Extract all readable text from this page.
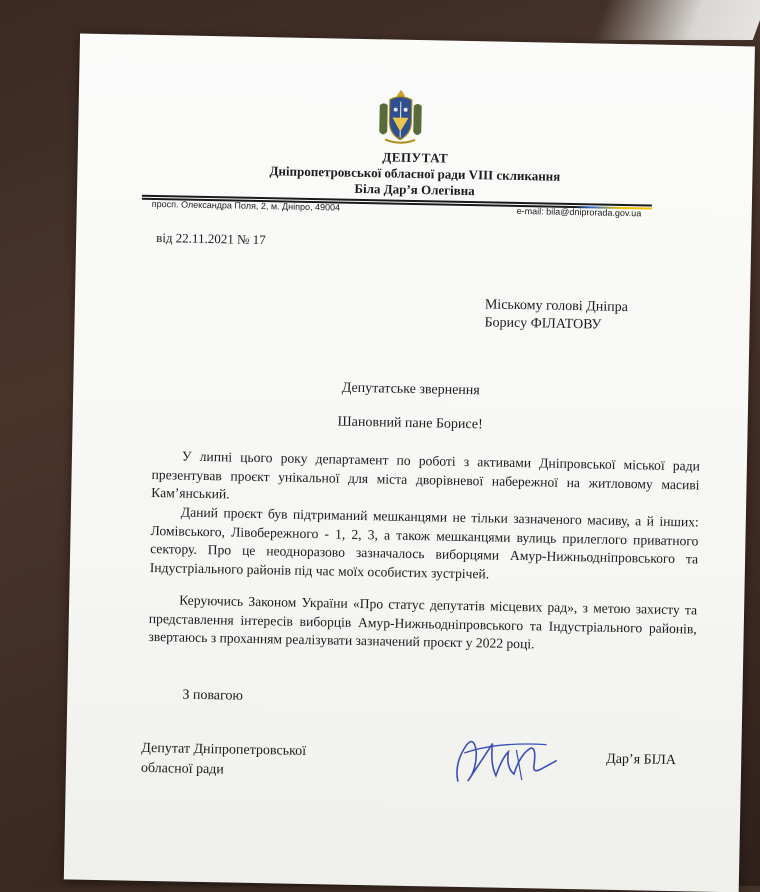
ДЕПУТАТ
Дніпропетровської обласної ради VIII скликання
Біла Дар’я Олегівна
просп. Олександра Поля, 2, м. Дніпро, 49004	e-mail: bila@dniprorada.gov.ua
від 22.11.2021 № 17
Міському голові Дніпра
Борису ФІЛАТОВУ
Депутатське звернення
Шановний пане Борисе!
У липні цього року департамент по роботі з активами Дніпровської міської ради презентував проєкт унікальної для міста дворівневої набережної на житловому масиві Кам’янський.
Даний проєкт був підтриманий мешканцями не тільки зазначеного масиву, а й інших: Ломівського, Лівобережного - 1, 2, 3, а також мешканцями вулиць прилеглого приватного сектору. Про це неодноразово зазначалось виборцями Амур-Нижньодніпровського та Індустріального районів під час моїх особистих зустрічей.
Керуючись Законом України «Про статус депутатів місцевих рад», з метою захисту та представлення інтересів виборців Амур-Нижньодніпровського та Індустріального районів, звертаюсь з проханням реалізувати зазначений проєкт у 2022 році.
З повагою
Депутат Дніпропетровської
обласної ради
Дар’я БІЛА
